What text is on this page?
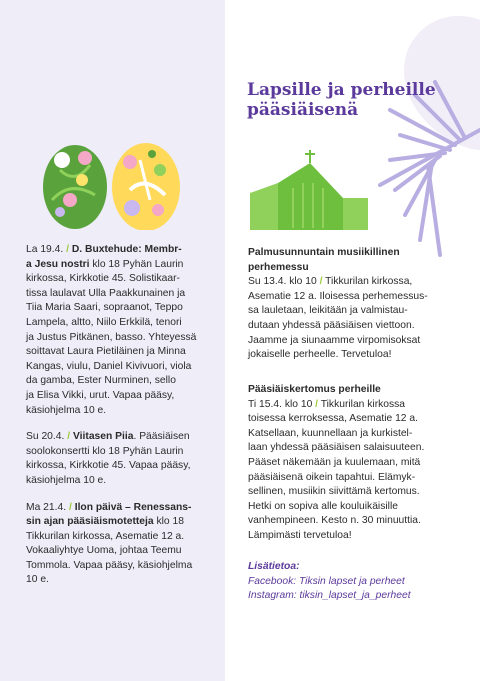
Lapsille ja perheille
pääsiäisenä
La 19.4. / D. Buxtehude: Membr-
a Jesu nostri klo 18 Pyhän Laurin
kirkossa, Kirkkotie 45. Solistikaar-
tissa laulavat Ulla Paakkunainen ja
Tiia Maria Saari, sopraanot, Teppo
Lampela, altto, Niilo Erkkilä, tenori
ja Justus Pitkänen, basso. Yhteyessä
soittavat Laura Pietiläinen ja Minna
Kangas, viulu, Daniel Kivivuori, viola
da gamba, Ester Nurminen, sello
ja Elisa Vikki, urut. Vapaa pääsy,
käsiohjelma 10 e.
Su 20.4. / Viitasen Piia. Pääsiäisen
soolokonsertti klo 18 Pyhän Laurin
kirkossa, Kirkkotie 45. Vapaa pääsy,
käsiohjelma 10 e.
Ma 21.4. / Ilon päivä – Renessans-
sin ajan pääsiäismotetteja klo 18
Tikkurilan kirkossa, Asematie 12 a.
Vokaaliyhtye Uoma, johtaa Teemu
Tommola. Vapaa pääsy, käsiohjelma
10 e.
Palmusunnuntain musiikillinen
perhemessu
Su 13.4. klo 10 / Tikkurilan kirkossa,
Asematie 12 a. Iloisessa perhemessus-
sa lauletaan, leikitään ja valmistau-
dutaan yhdessä pääsiäisen viettoon.
Jaamme ja siunaamme virpomisoksat
jokaiselle perheelle. Tervetuloa!
Pääsiäiskertomus perheille
Ti 15.4. klo 10 / Tikkurilan kirkossa
toisessa kerroksessa, Asematie 12 a.
Katsellaan, kuunnellaan ja kurkistel-
laan yhdessä pääsiäisen salaisuuteen.
Pääset näkemään ja kuulemaan, mitä
pääsiäisenä oikein tapahtui. Elämyk-
sellinen, musiikin siivittämä kertomus.
Hetki on sopiva alle kouluikäisille
vanhempineen. Kesto n. 30 minuuttia.
Lämpimästi tervetuloa!
Lisätietoa:
Facebook: Tiksin lapset ja perheet
Instagram: tiksin_lapset_ja_perheet
